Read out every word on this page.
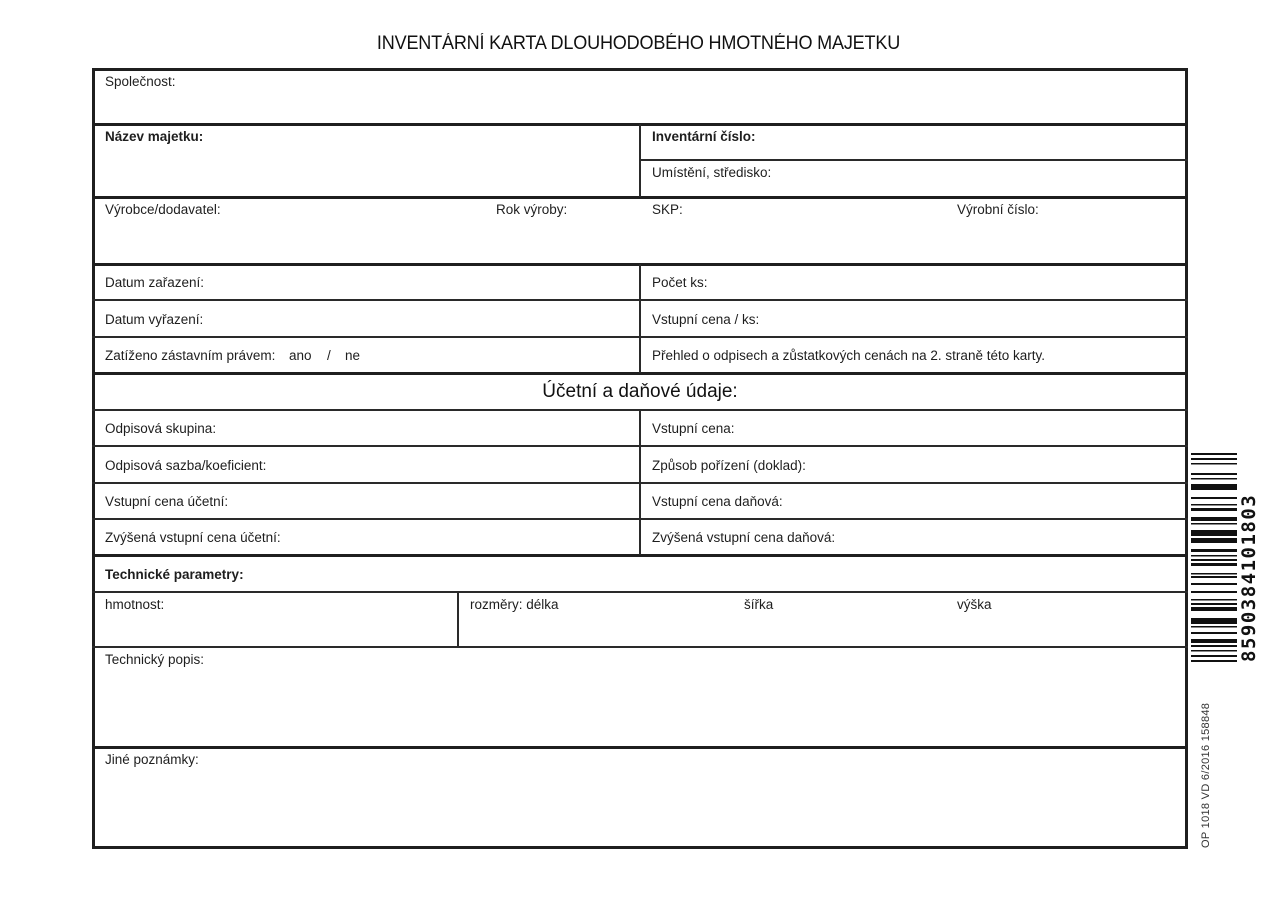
INVENTÁRNÍ KARTA DLOUHODOBÉHO HMOTNÉHO MAJETKU
Společnost:
Název majetku:	Inventární číslo:
Umístění, středisko:
Výrobce/dodavatel:	Rok výroby:	SKP:	Výrobní číslo:
Datum zařazení:	Počet ks:
Datum vyřazení:	Vstupní cena / ks:
Zatíženo zástavním právem: ano / ne	Přehled o odpisech a zůstatkových cenách na 2. straně této karty.
Účetní a daňové údaje:
Odpisová skupina:	Vstupní cena:
Odpisová sazba/koeficient:	Způsob pořízení (doklad):
Vstupní cena účetní:	Vstupní cena daňová:
Zvýšená vstupní cena účetní:	Zvýšená vstupní cena daňová:
Technické parametry:
hmotnost:	rozměry: délka	šířka	výška
Technický popis:
Jiné poznámky:
8590384101803
OP 1018 VD 6/2016 158848
